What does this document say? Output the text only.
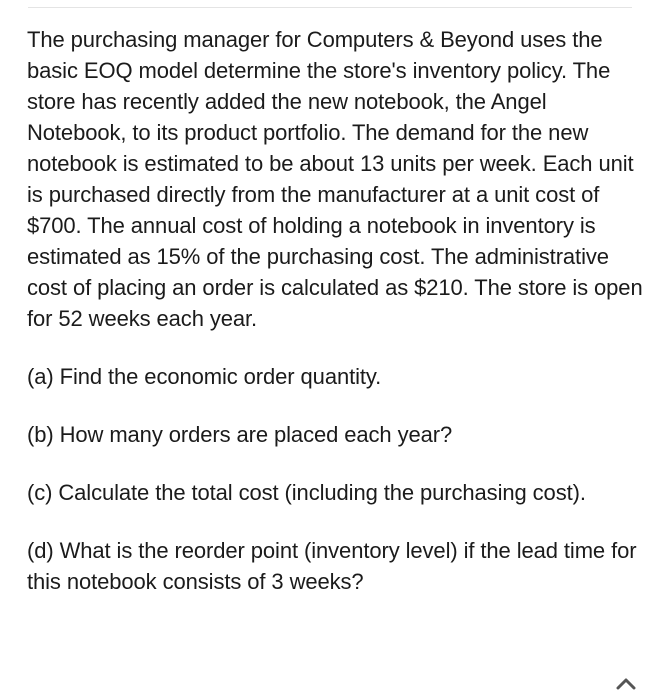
The purchasing manager for Computers & Beyond uses the basic EOQ model determine the store's inventory policy. The store has recently added the new notebook, the Angel Notebook, to its product portfolio. The demand for the new notebook is estimated to be about 13 units per week. Each unit is purchased directly from the manufacturer at a unit cost of $700. The annual cost of holding a notebook in inventory is estimated as 15% of the purchasing cost. The administrative cost of placing an order is calculated as $210. The store is open for 52 weeks each year.

(a) Find the economic order quantity.

(b) How many orders are placed each year?

(c) Calculate the total cost (including the purchasing cost).

(d) What is the reorder point (inventory level) if the lead time for this notebook consists of 3 weeks?
